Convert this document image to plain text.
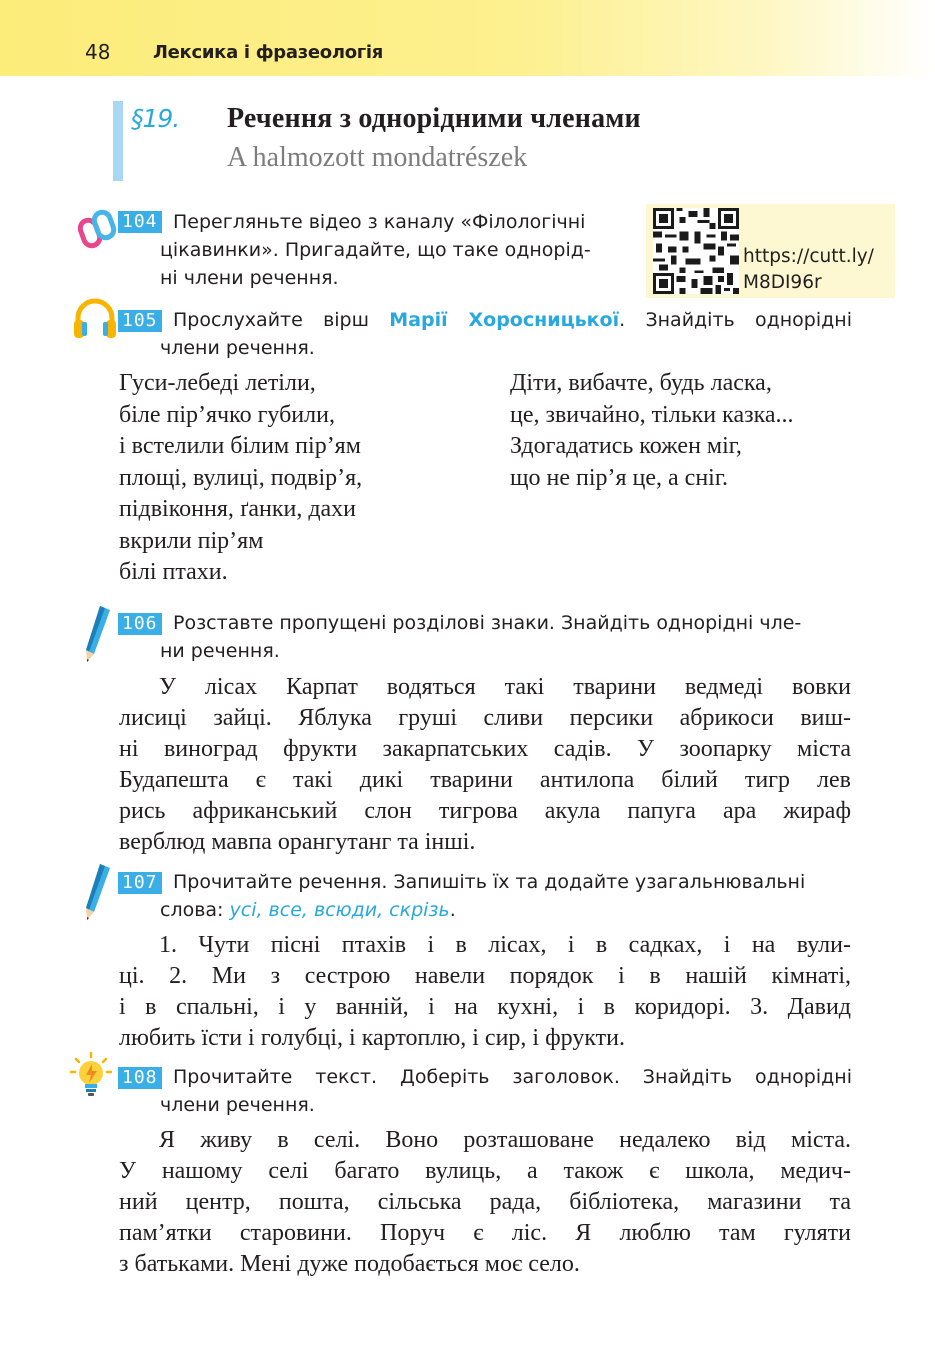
48 Лексика і фразеологія
§19. Речення з однорідними членами
A halmozott mondatrészek
104 Перегляньте відео з каналу «Філологічні
цікавинки». Пригадайте, що таке однорід-
ні члени речення.
https://cutt.ly/
M8DI96r
105 Прослухайте вірш Марії Хоросницької. Знайдіть однорідні
члени речення.
Гуси-лебеді летіли,
біле пір’ячко губили,
і встелили білим пір’ям
площі, вулиці, подвір’я,
підвіконня, ґанки, дахи
вкрили пір’ям
білі птахи.
Діти, вибачте, будь ласка,
це, звичайно, тільки казка...
Здогадатись кожен міг,
що не пір’я це, а сніг.
106 Розставте пропущені розділові знаки. Знайдіть однорідні чле-
ни речення.
У лісах Карпат водяться такі тварини ведмеді вовки
лисиці зайці. Яблука груші сливи персики абрикоси виш-
ні виноград фрукти закарпатських садів. У зоопарку міста
Будапешта є такі дикі тварини антилопа білий тигр лев
рись африканський слон тигрова акула папуга ара жираф
верблюд мавпа орангутанг та інші.
107 Прочитайте речення. Запишіть їх та додайте узагальнювальні
слова: усі, все, всюди, скрізь.
1. Чути пісні птахів і в лісах, і в садках, і на вули-
ці. 2. Ми з сестрою навели порядок і в нашій кімнаті,
і в спальні, і у ванній, і на кухні, і в коридорі. 3. Давид
любить їсти і голубці, і картоплю, і сир, і фрукти.
108 Прочитайте текст. Доберіть заголовок. Знайдіть однорідні
члени речення.
Я живу в селі. Воно розташоване недалеко від міста.
У нашому селі багато вулиць, а також є школа, медич-
ний центр, пошта, сільська рада, бібліотека, магазини та
пам’ятки старовини. Поруч є ліс. Я люблю там гуляти
з батьками. Мені дуже подобається моє село.
